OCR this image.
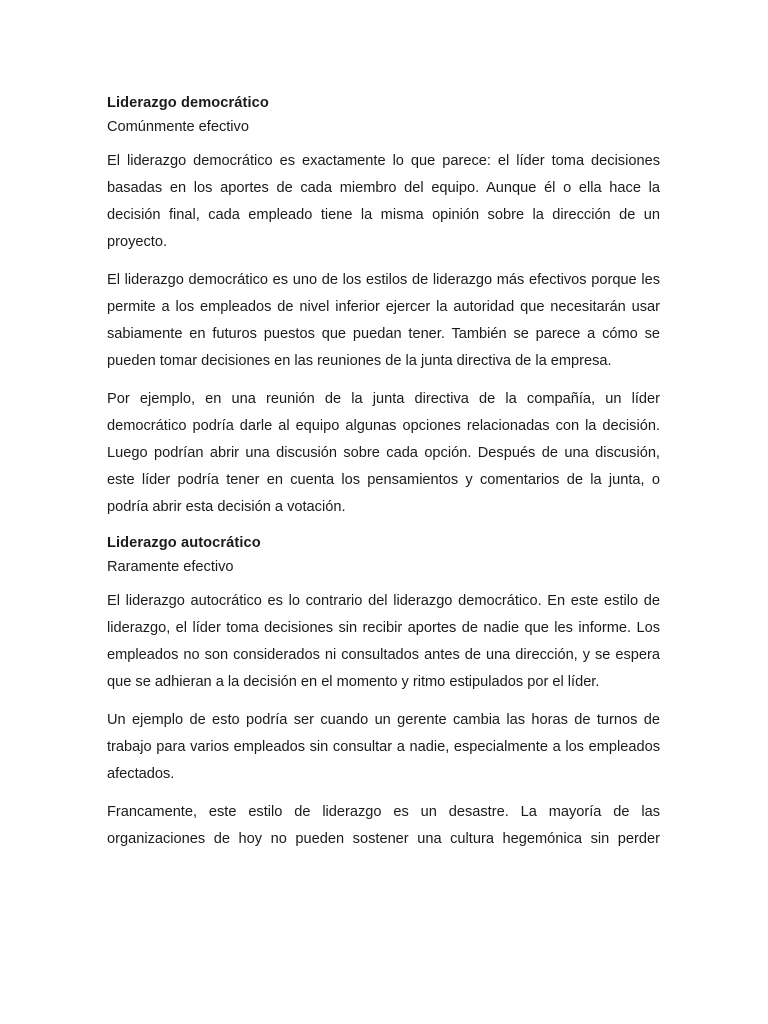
Liderazgo democrático

Comúnmente efectivo

El liderazgo democrático es exactamente lo que parece: el líder toma decisiones basadas en los aportes de cada miembro del equipo. Aunque él o ella hace la decisión final, cada empleado tiene la misma opinión sobre la dirección de un proyecto.

El liderazgo democrático es uno de los estilos de liderazgo más efectivos porque les permite a los empleados de nivel inferior ejercer la autoridad que necesitarán usar sabiamente en futuros puestos que puedan tener. También se parece a cómo se pueden tomar decisiones en las reuniones de la junta directiva de la empresa.

Por ejemplo, en una reunión de la junta directiva de la compañía, un líder democrático podría darle al equipo algunas opciones relacionadas con la decisión. Luego podrían abrir una discusión sobre cada opción. Después de una discusión, este líder podría tener en cuenta los pensamientos y comentarios de la junta, o podría abrir esta decisión a votación.

Liderazgo autocrático

Raramente efectivo

El liderazgo autocrático es lo contrario del liderazgo democrático. En este estilo de liderazgo, el líder toma decisiones sin recibir aportes de nadie que les informe. Los empleados no son considerados ni consultados antes de una dirección, y se espera que se adhieran a la decisión en el momento y ritmo estipulados por el líder.

Un ejemplo de esto podría ser cuando un gerente cambia las horas de turnos de trabajo para varios empleados sin consultar a nadie, especialmente a los empleados afectados.

Francamente, este estilo de liderazgo es un desastre. La mayoría de las organizaciones de hoy no pueden sostener una cultura hegemónica sin perder
